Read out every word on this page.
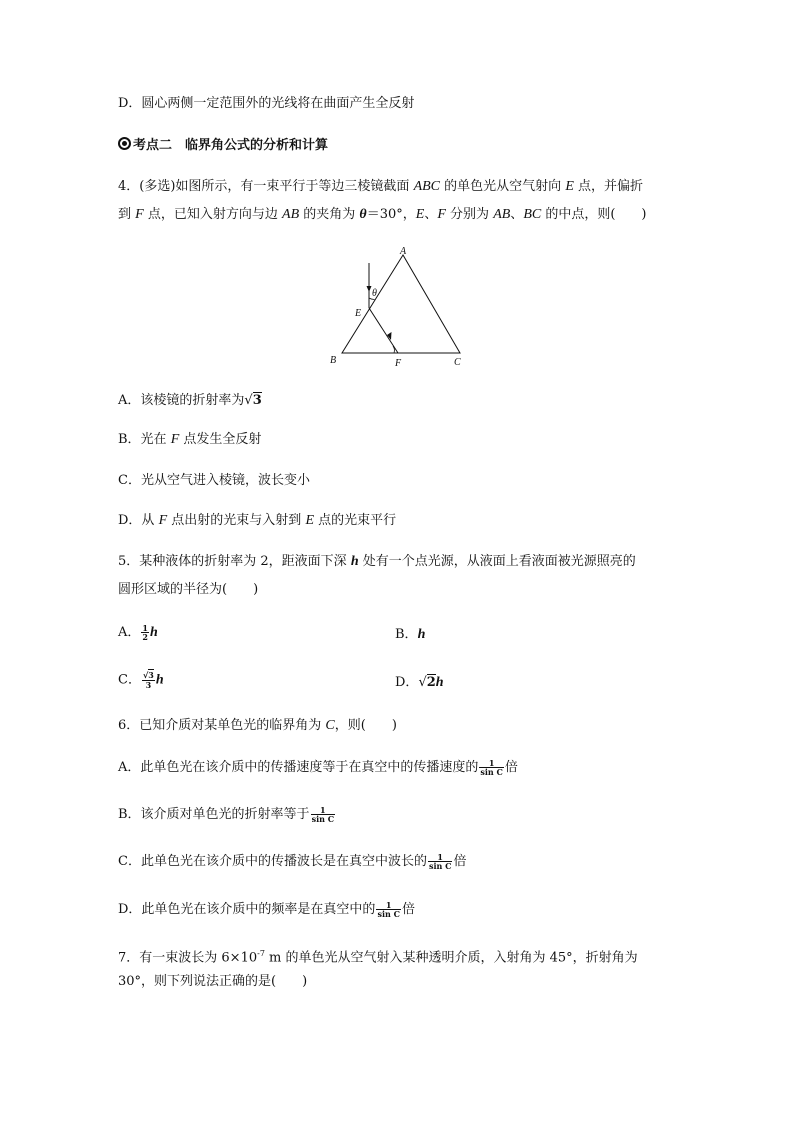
D．圆心两侧一定范围外的光线将在曲面产生全反射
考点二　临界角公式的分析和计算
4．(多选)如图所示，有一束平行于等边三棱镜截面 ABC 的单色光从空气射向 E 点，并偏折
到 F 点，已知入射方向与边 AB 的夹角为 θ＝30°，E、F 分别为 AB、BC 的中点，则(　　)
A
θ
E
B	F	C
A．该棱镜的折射率为√3
B．光在 F 点发生全反射
C．光从空气进入棱镜，波长变小
D．从 F 点出射的光束与入射到 E 点的光束平行
5．某种液体的折射率为 2，距液面下深 h 处有一个点光源，从液面上看液面被光源照亮的
圆形区域的半径为(　　)
A． $\frac{1}{2}$ h	B．h
C． $\frac{√3}{3}$ h	D．√2h
6．已知介质对某单色光的临界角为 C，则(　　)
A．此单色光在该介质中的传播速度等于在真空中的传播速度的 $\frac{1}{\text{sin C}}$ 倍
B．该介质对单色光的折射率等于 $\frac{1}{\text{sin C}}$
C．此单色光在该介质中的传播波长是在真空中波长的 $\frac{1}{\text{sin C}}$ 倍
D．此单色光在该介质中的频率是在真空中的 $\frac{1}{\text{sin C}}$ 倍
7．有一束波长为 $6\times 10^{-7}$ m 的单色光从空气射入某种透明介质，入射角为 45°，折射角为
30°，则下列说法正确的是(　　)
